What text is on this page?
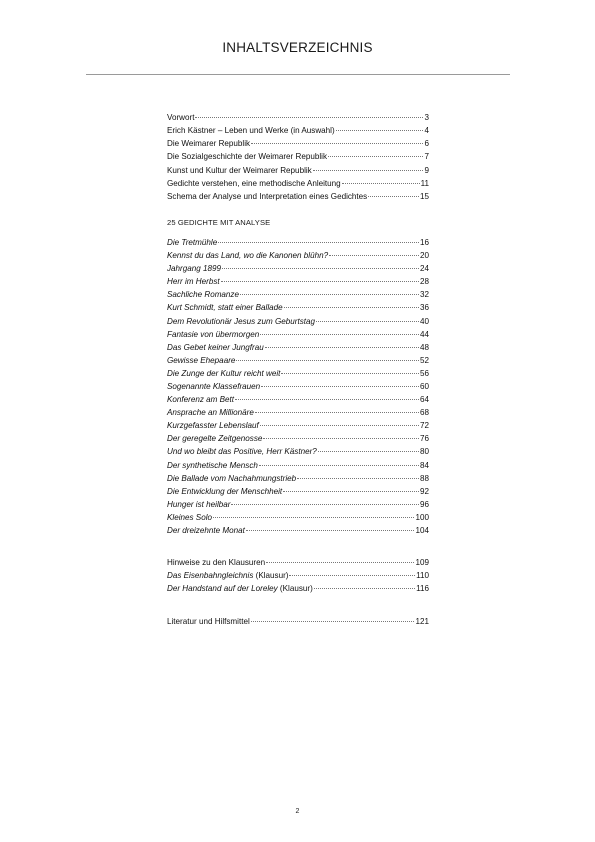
INHALTSVERZEICHNIS
Vorwort	3
Erich Kästner – Leben und Werke (in Auswahl)	4
Die Weimarer Republik	6
Die Sozialgeschichte der Weimarer Republik	7
Kunst und Kultur der Weimarer Republik	9
Gedichte verstehen, eine methodische Anleitung	11
Schema der Analyse und Interpretation eines Gedichtes	15
25 GEDICHTE MIT ANALYSE
Die Tretmühle	16
Kennst du das Land, wo die Kanonen blühn?	20
Jahrgang 1899	24
Herr im Herbst	28
Sachliche Romanze	32
Kurt Schmidt, statt einer Ballade	36
Dem Revolutionär Jesus zum Geburtstag	40
Fantasie von übermorgen	44
Das Gebet keiner Jungfrau	48
Gewisse Ehepaare	52
Die Zunge der Kultur reicht weit	56
Sogenannte Klassefrauen	60
Konferenz am Bett	64
Ansprache an Millionäre	68
Kurzgefasster Lebenslauf	72
Der geregelte Zeitgenosse	76
Und wo bleibt das Positive, Herr Kästner?	80
Der synthetische Mensch	84
Die Ballade vom Nachahmungstrieb	88
Die Entwicklung der Menschheit	92
Hunger ist heilbar	96
Kleines Solo	100
Der dreizehnte Monat	104
Hinweise zu den Klausuren	109
Das Eisenbahngleichnis (Klausur)	110
Der Handstand auf der Loreley (Klausur)	116
Literatur und Hilfsmittel	121
2
